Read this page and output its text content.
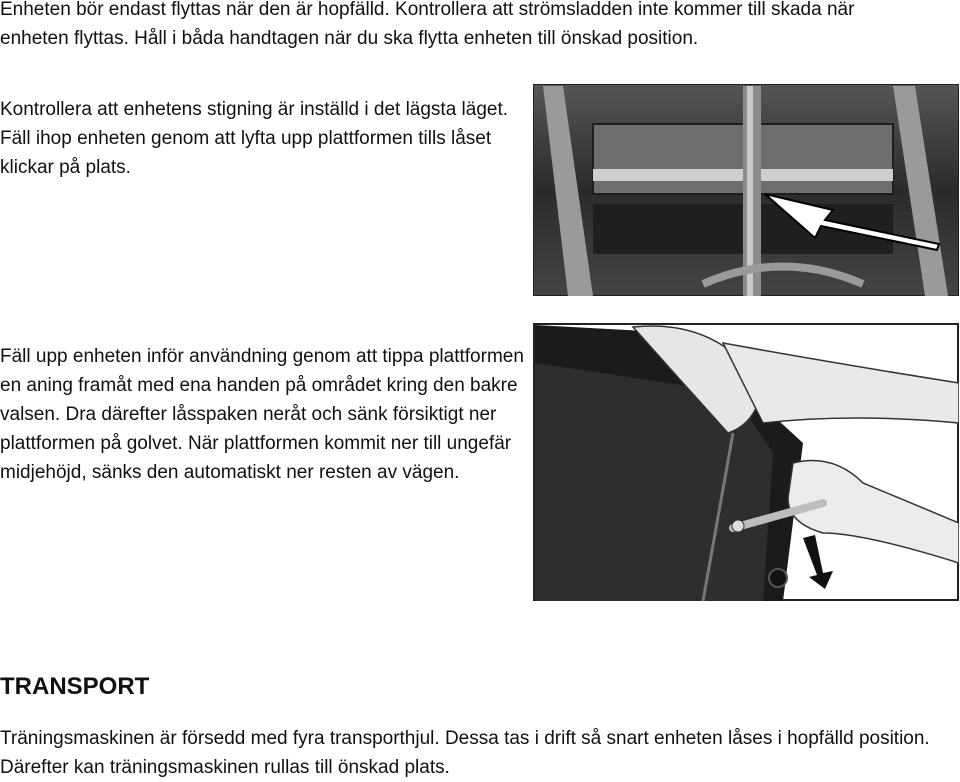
Enheten bör endast flyttas när den är hopfälld. Kontrollera att strömsladden inte kommer till skada när enheten flyttas. Håll i båda handtagen när du ska flytta enheten till önskad position.

Kontrollera att enhetens stigning är inställd i det lägsta läget. Fäll ihop enheten genom att lyfta upp plattformen tills låset klickar på plats.

Fäll upp enheten inför användning genom att tippa plattformen en aning framåt med ena handen på området kring den bakre valsen. Dra därefter låsspaken neråt och sänk försiktigt ner plattformen på golvet. När plattformen kommit ner till ungefär midjehöjd, sänks den automatiskt ner resten av vägen.

TRANSPORT

Träningsmaskinen är försedd med fyra transporthjul. Dessa tas i drift så snart enheten låses i hopfälld position. Därefter kan träningsmaskinen rullas till önskad plats.
